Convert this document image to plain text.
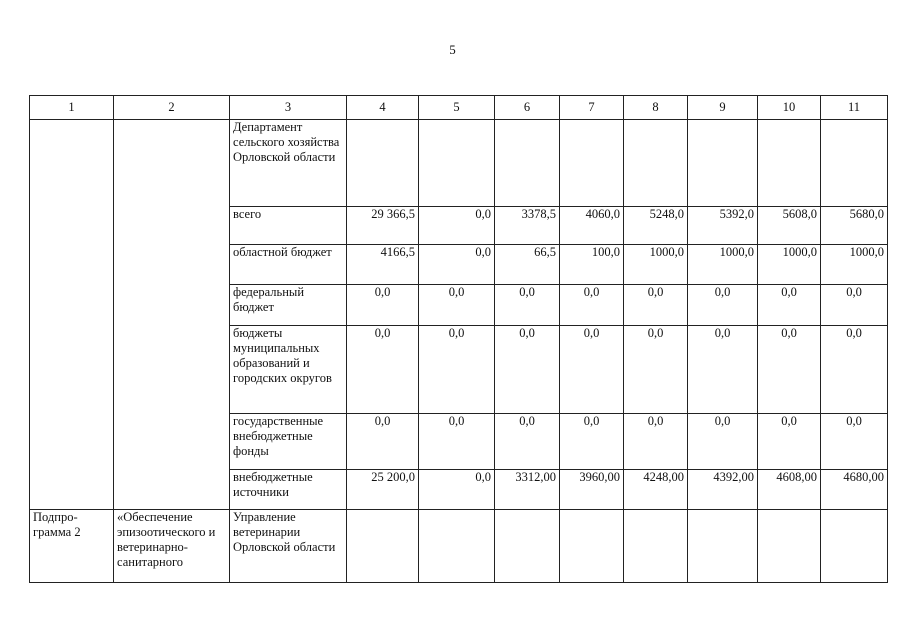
5
1	2	3	4	5	6	7	8	9	10	11
		Департамент сельского хозяйства Орловской области								
		всего	29 366,5	0,0	3378,5	4060,0	5248,0	5392,0	5608,0	5680,0
		областной бюджет	4166,5	0,0	66,5	100,0	1000,0	1000,0	1000,0	1000,0
		федеральный бюджет	0,0	0,0	0,0	0,0	0,0	0,0	0,0	0,0
		бюджеты муниципальных образований и городских округов	0,0	0,0	0,0	0,0	0,0	0,0	0,0	0,0
		государственные внебюджетные фонды	0,0	0,0	0,0	0,0	0,0	0,0	0,0	0,0
		внебюджетные источники	25 200,0	0,0	3312,00	3960,00	4248,00	4392,00	4608,00	4680,00
Подпро-грамма 2	«Обеспечение эпизоотического и ветеринарно-санитарного	Управление ветеринарии Орловской области								
